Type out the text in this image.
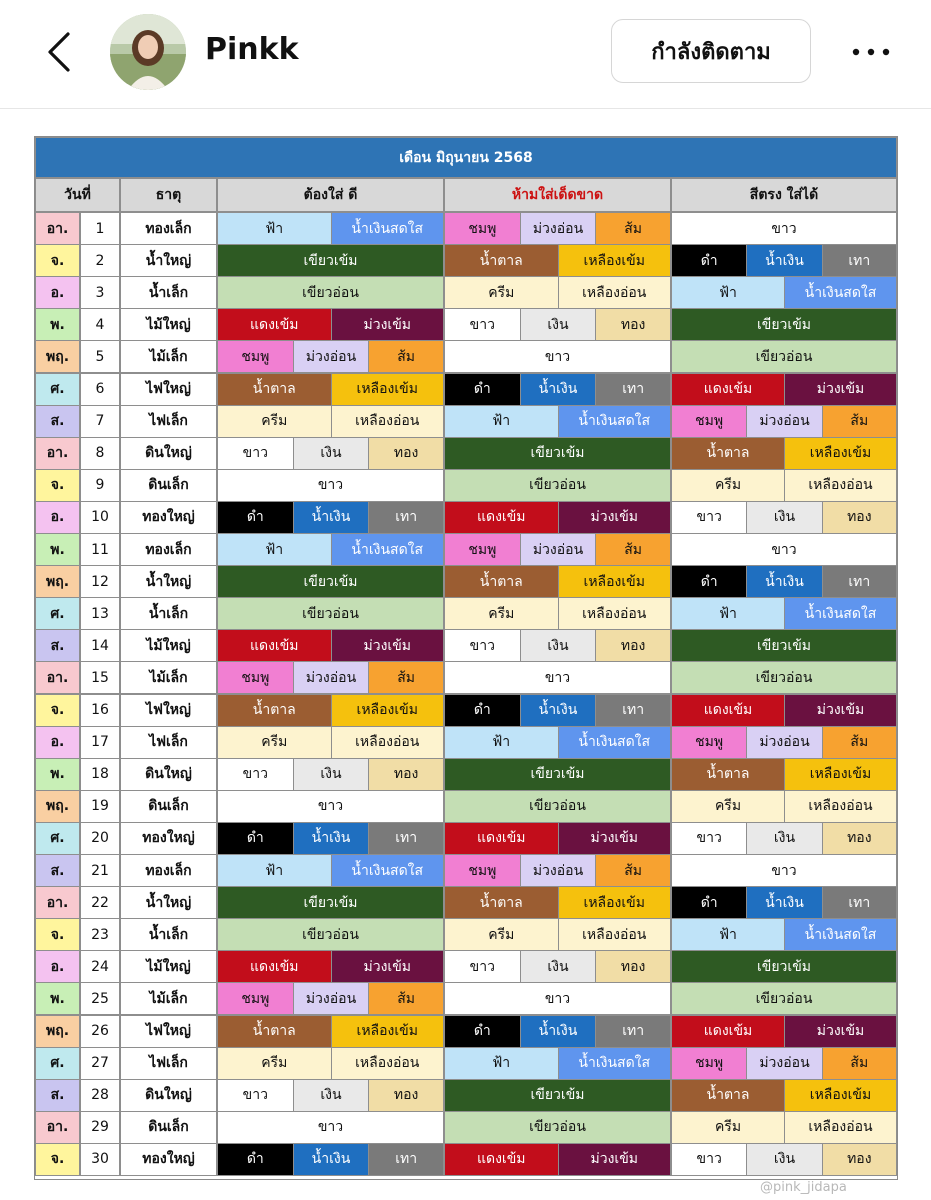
Pinkk	กำลังติดตาม
เดือน มิถุนายน 2568
วันที่	ธาตุ	ต้องใส่ ดี	ห้ามใส่เด็ดขาด	สีตรง ใส่ได้
อา.	1	ทองเล็ก	ฟ้า	น้ำเงินสดใส	ชมพู	ม่วงอ่อน	ส้ม	ขาว
จ.	2	น้ำใหญ่	เขียวเข้ม	น้ำตาล	เหลืองเข้ม	ดำ	น้ำเงิน	เทา
อ.	3	น้ำเล็ก	เขียวอ่อน	ครีม	เหลืองอ่อน	ฟ้า	น้ำเงินสดใส
พ.	4	ไม้ใหญ่	แดงเข้ม	ม่วงเข้ม	ขาว	เงิน	ทอง	เขียวเข้ม
พฤ.	5	ไม้เล็ก	ชมพู	ม่วงอ่อน	ส้ม	ขาว	เขียวอ่อน
ศ.	6	ไฟใหญ่	น้ำตาล	เหลืองเข้ม	ดำ	น้ำเงิน	เทา	แดงเข้ม	ม่วงเข้ม
ส.	7	ไฟเล็ก	ครีม	เหลืองอ่อน	ฟ้า	น้ำเงินสดใส	ชมพู	ม่วงอ่อน	ส้ม
อา.	8	ดินใหญ่	ขาว	เงิน	ทอง	เขียวเข้ม	น้ำตาล	เหลืองเข้ม
จ.	9	ดินเล็ก	ขาว	เขียวอ่อน	ครีม	เหลืองอ่อน
อ.	10	ทองใหญ่	ดำ	น้ำเงิน	เทา	แดงเข้ม	ม่วงเข้ม	ขาว	เงิน	ทอง
พ.	11	ทองเล็ก	ฟ้า	น้ำเงินสดใส	ชมพู	ม่วงอ่อน	ส้ม	ขาว
พฤ.	12	น้ำใหญ่	เขียวเข้ม	น้ำตาล	เหลืองเข้ม	ดำ	น้ำเงิน	เทา
ศ.	13	น้ำเล็ก	เขียวอ่อน	ครีม	เหลืองอ่อน	ฟ้า	น้ำเงินสดใส
ส.	14	ไม้ใหญ่	แดงเข้ม	ม่วงเข้ม	ขาว	เงิน	ทอง	เขียวเข้ม
อา.	15	ไม้เล็ก	ชมพู	ม่วงอ่อน	ส้ม	ขาว	เขียวอ่อน
จ.	16	ไฟใหญ่	น้ำตาล	เหลืองเข้ม	ดำ	น้ำเงิน	เทา	แดงเข้ม	ม่วงเข้ม
อ.	17	ไฟเล็ก	ครีม	เหลืองอ่อน	ฟ้า	น้ำเงินสดใส	ชมพู	ม่วงอ่อน	ส้ม
พ.	18	ดินใหญ่	ขาว	เงิน	ทอง	เขียวเข้ม	น้ำตาล	เหลืองเข้ม
พฤ.	19	ดินเล็ก	ขาว	เขียวอ่อน	ครีม	เหลืองอ่อน
ศ.	20	ทองใหญ่	ดำ	น้ำเงิน	เทา	แดงเข้ม	ม่วงเข้ม	ขาว	เงิน	ทอง
ส.	21	ทองเล็ก	ฟ้า	น้ำเงินสดใส	ชมพู	ม่วงอ่อน	ส้ม	ขาว
อา.	22	น้ำใหญ่	เขียวเข้ม	น้ำตาล	เหลืองเข้ม	ดำ	น้ำเงิน	เทา
จ.	23	น้ำเล็ก	เขียวอ่อน	ครีม	เหลืองอ่อน	ฟ้า	น้ำเงินสดใส
อ.	24	ไม้ใหญ่	แดงเข้ม	ม่วงเข้ม	ขาว	เงิน	ทอง	เขียวเข้ม
พ.	25	ไม้เล็ก	ชมพู	ม่วงอ่อน	ส้ม	ขาว	เขียวอ่อน
พฤ.	26	ไฟใหญ่	น้ำตาล	เหลืองเข้ม	ดำ	น้ำเงิน	เทา	แดงเข้ม	ม่วงเข้ม
ศ.	27	ไฟเล็ก	ครีม	เหลืองอ่อน	ฟ้า	น้ำเงินสดใส	ชมพู	ม่วงอ่อน	ส้ม
ส.	28	ดินใหญ่	ขาว	เงิน	ทอง	เขียวเข้ม	น้ำตาล	เหลืองเข้ม
อา.	29	ดินเล็ก	ขาว	เขียวอ่อน	ครีม	เหลืองอ่อน
จ.	30	ทองใหญ่	ดำ	น้ำเงิน	เทา	แดงเข้ม	ม่วงเข้ม	ขาว	เงิน	ทอง
@pink_jidapa
